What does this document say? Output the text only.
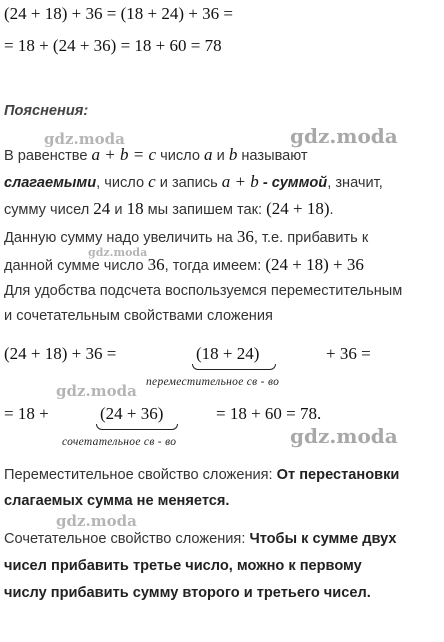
(24 + 18) + 36 = (18 + 24) + 36 =
= 18 + (24 + 36) = 18 + 60 = 78
Пояснения:
gdz.moda	gdz.moda
gdz.moda
gdz.moda
gdz.moda
gdz.moda
В равенстве a + b = c число a и b называют
слагаемыми, число c и запись a + b - суммой, значит,
сумму чисел 24 и 18 мы запишем так: (24 + 18).
Данную сумму надо увеличить на 36, т.е. прибавить к
данной сумме число 36, тогда имеем: (24 + 18) + 36
Для удобства подсчета воспользуемся переместительным
и сочетательным свойствами сложения
(24 + 18) + 36 =	(18 + 24)	+ 36 =
переместительное св - во
= 18 +	(24 + 36)	= 18 + 60 = 78.
сочетательное св - во
Переместительное свойство сложения: От перестановки
слагаемых сумма не меняется.
Сочетательное свойство сложения: Чтобы к сумме двух
чисел прибавить третье число, можно к первому
числу прибавить сумму второго и третьего чисел.
